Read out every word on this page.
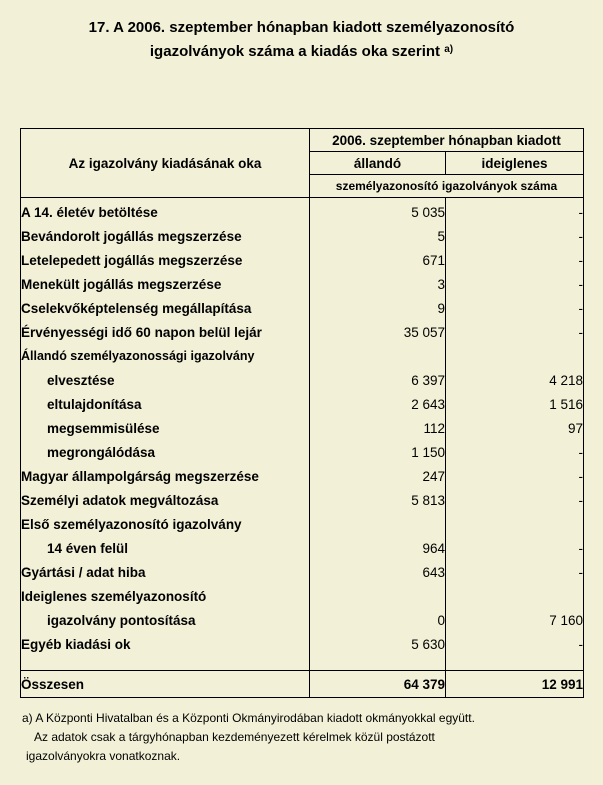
17. A 2006. szeptember hónapban kiadott személyazonosító
igazolványok száma a kiadás oka szerint $^{a)}$
Az igazolvány kiadásának oka	2006. szeptember hónapban kiadott	
	állandó	ideiglenes
	személyazonosító igazolványok száma	
A 14. életév betöltése	5 035	-
Bevándorolt jogállás megszerzése	5	-
Letelepedett jogállás megszerzése	671	-
Menekült jogállás megszerzése	3	-
Cselekvőképtelenség megállapítása	9	-
Érvényességi idő 60 napon belül lejár	35 057	-
Állandó személyazonossági igazolvány		
elvesztése	6 397	4 218
eltulajdonítása	2 643	1 516
megsemmisülése	112	97
megrongálódása	1 150	-
Magyar állampolgárság megszerzése	247	-
Személyi adatok megváltozása	5 813	-
Első személyazonosító igazolvány		
14 éven felül	964	-
Gyártási / adat hiba	643	-
Ideiglenes személyazonosító		
igazolvány pontosítása	0	7 160
Egyéb kiadási ok	5 630	-

Összesen	64 379	12 991
a) A Központi Hivatalban és a Központi Okmányirodában kiadott okmányokkal együtt.
Az adatok csak a tárgyhónapban kezdeményezett kérelmek közül postázott
igazolványokra vonatkoznak.
